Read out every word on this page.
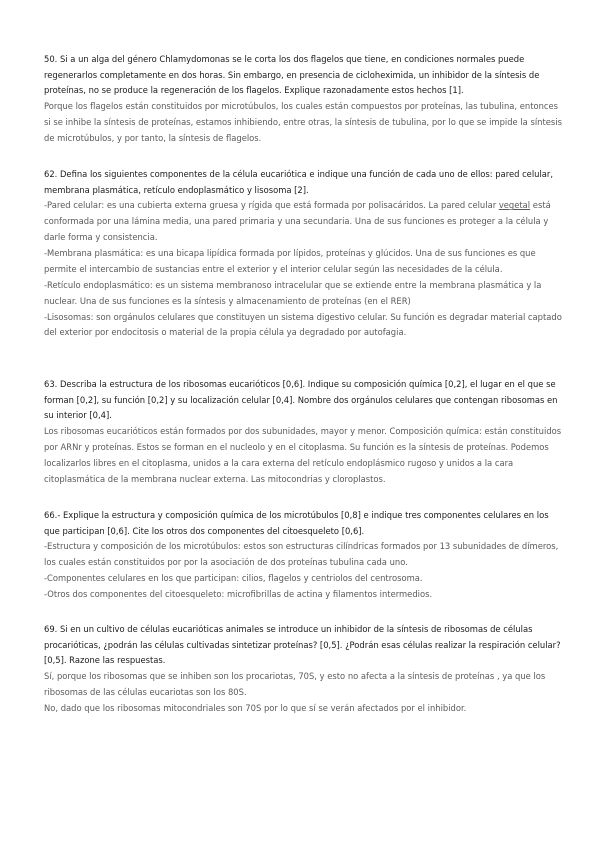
50. Si a un alga del género Chlamydomonas se le corta los dos flagelos que tiene, en condiciones normales puede regenerarlos completamente en dos horas. Sin embargo, en presencia de cicloheximida, un inhibidor de la síntesis de proteínas, no se produce la regeneración de los flagelos. Explique razonadamente estos hechos [1].

Porque los flagelos están constituidos por microtúbulos, los cuales están compuestos por proteínas, las tubulina, entonces si se inhibe la síntesis de proteínas, estamos inhibiendo, entre otras, la síntesis de tubulina, por lo que se impide la síntesis de microtúbulos, y por tanto, la síntesis de flagelos.

62. Defina los siguientes componentes de la célula eucariótica e indique una función de cada uno de ellos: pared celular, membrana plasmática, retículo endoplasmático y lisosoma [2].

-Pared celular: es una cubierta externa gruesa y rígida que está formada por polisacáridos. La pared celular vegetal está conformada por una lámina media, una pared primaria y una secundaria. Una de sus funciones es proteger a la célula y darle forma y consistencia.

-Membrana plasmática: es una bicapa lipídica formada por lípidos, proteínas y glúcidos. Una de sus funciones es que permite el intercambio de sustancias entre el exterior y el interior celular según las necesidades de la célula.

-Retículo endoplasmático: es un sistema membranoso intracelular que se extiende entre la membrana plasmática y la nuclear. Una de sus funciones es la síntesis y almacenamiento de proteínas (en el RER)

-Lisosomas: son orgánulos celulares que constituyen un sistema digestivo celular. Su función es degradar material captado del exterior por endocitosis o material de la propia célula ya degradado por autofagia.

63. Describa la estructura de los ribosomas eucarióticos [0,6]. Indique su composición química [0,2], el lugar en el que se forman [0,2], su función [0,2] y su localización celular [0,4]. Nombre dos orgánulos celulares que contengan ribosomas en su interior [0,4].

Los ribosomas eucarióticos están formados por dos subunidades, mayor y menor. Composición química: están constituidos por ARNr y proteínas. Estos se forman en el nucleolo y en el citoplasma. Su función es la síntesis de proteínas. Podemos localizarlos libres en el citoplasma, unidos a la cara externa del retículo endoplásmico rugoso y unidos a la cara citoplasmática de la membrana nuclear externa. Las mitocondrias y cloroplastos.

66.- Explique la estructura y composición química de los microtúbulos [0,8] e indique tres componentes celulares en los que participan [0,6]. Cite los otros dos componentes del citoesqueleto [0,6].

-Estructura y composición de los microtúbulos: estos son estructuras cilíndricas formados por 13 subunidades de dímeros, los cuales están constituidos por por la asociación de dos proteínas tubulina cada uno.

-Componentes celulares en los que participan: cilios, flagelos y centriolos del centrosoma.

-Otros dos componentes del citoesqueleto: microfibrillas de actina y filamentos intermedios.

69. Si en un cultivo de células eucarióticas animales se introduce un inhibidor de la síntesis de ribosomas de células procarióticas, ¿podrán las células cultivadas sintetizar proteínas? [0,5]. ¿Podrán esas células realizar la respiración celular? [0,5]. Razone las respuestas.

Sí, porque los ribosomas que se inhiben son los procariotas, 70S, y esto no afecta a la síntesis de proteínas , ya que los ribosomas de las células eucariotas son los 80S.

No, dado que los ribosomas mitocondriales son 70S por lo que sí se verán afectados por el inhibidor.
